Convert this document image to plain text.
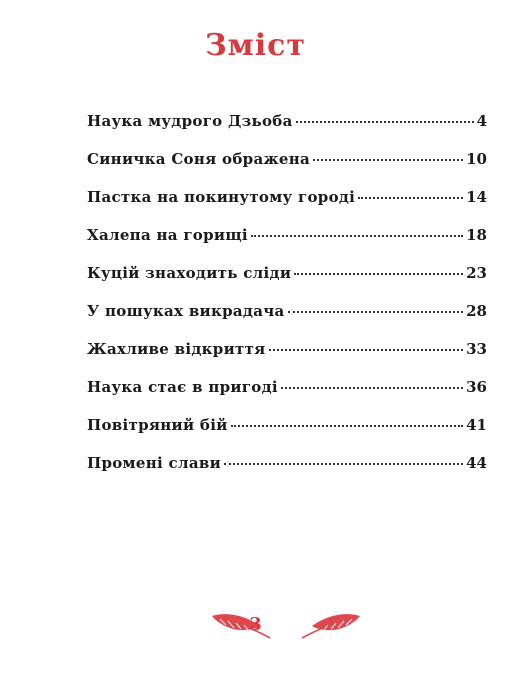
Зміст
Наука мудрого Дзьоба	4
Синичка Соня ображена	10
Пастка на покинутому городі	14
Халепа на горищі	18
Куцій знаходить сліди	23
У пошуках викрадача	28
Жахливе відкриття	33
Наука стає в пригоді	36
Повітряний бій	41
Промені слави	44
3
